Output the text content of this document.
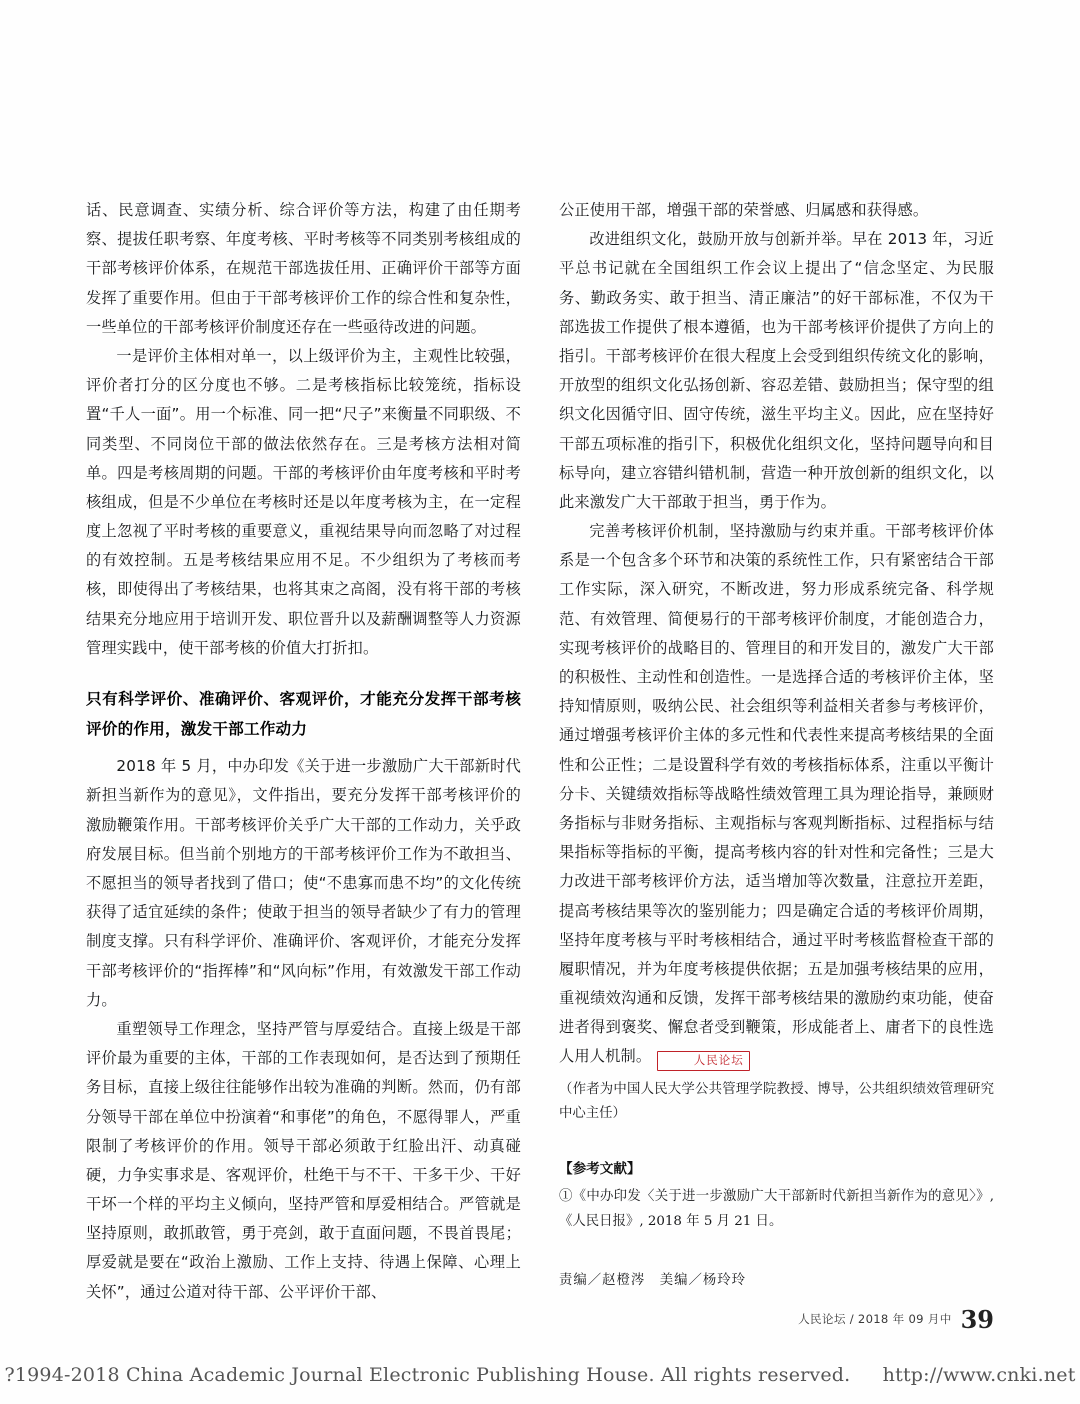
话、民意调查、实绩分析、综合评价等方法，构建了由任期考察、提拔任职考察、年度考核、平时考核等不同类别考核组成的干部考核评价体系，在规范干部选拔任用、正确评价干部等方面发挥了重要作用。但由于干部考核评价工作的综合性和复杂性，一些单位的干部考核评价制度还存在一些亟待改进的问题。

一是评价主体相对单一，以上级评价为主，主观性比较强，评价者打分的区分度也不够。二是考核指标比较笼统，指标设置“千人一面”。用一个标准、同一把“尺子”来衡量不同职级、不同类型、不同岗位干部的做法依然存在。三是考核方法相对简单。四是考核周期的问题。干部的考核评价由年度考核和平时考核组成，但是不少单位在考核时还是以年度考核为主，在一定程度上忽视了平时考核的重要意义，重视结果导向而忽略了对过程的有效控制。五是考核结果应用不足。不少组织为了考核而考核，即使得出了考核结果，也将其束之高阁，没有将干部的考核结果充分地应用于培训开发、职位晋升以及薪酬调整等人力资源管理实践中，使干部考核的价值大打折扣。

只有科学评价、准确评价、客观评价，才能充分发挥干部考核评价的作用，激发干部工作动力

2018 年 5 月，中办印发《关于进一步激励广大干部新时代新担当新作为的意见》，文件指出，要充分发挥干部考核评价的激励鞭策作用。干部考核评价关乎广大干部的工作动力，关乎政府发展目标。但当前个别地方的干部考核评价工作为不敢担当、不愿担当的领导者找到了借口；使“不患寡而患不均”的文化传统获得了适宜延续的条件；使敢于担当的领导者缺少了有力的管理制度支撑。只有科学评价、准确评价、客观评价，才能充分发挥干部考核评价的“指挥棒”和“风向标”作用，有效激发干部工作动力。

重塑领导工作理念，坚持严管与厚爱结合。直接上级是干部评价最为重要的主体，干部的工作表现如何，是否达到了预期任务目标，直接上级往往能够作出较为准确的判断。然而，仍有部分领导干部在单位中扮演着“和事佬”的角色，不愿得罪人，严重限制了考核评价的作用。领导干部必须敢于红脸出汗、动真碰硬，力争实事求是、客观评价，杜绝干与不干、干多干少、干好干坏一个样的平均主义倾向，坚持严管和厚爱相结合。严管就是坚持原则，敢抓敢管，勇于亮剑，敢于直面问题，不畏首畏尾；厚爱就是要在“政治上激励、工作上支持、待遇上保障、心理上关怀”，通过公道对待干部、公平评价干部、

公正使用干部，增强干部的荣誉感、归属感和获得感。

改进组织文化，鼓励开放与创新并举。早在 2013 年，习近平总书记就在全国组织工作会议上提出了“信念坚定、为民服务、勤政务实、敢于担当、清正廉洁”的好干部标准，不仅为干部选拔工作提供了根本遵循，也为干部考核评价提供了方向上的指引。干部考核评价在很大程度上会受到组织传统文化的影响，开放型的组织文化弘扬创新、容忍差错、鼓励担当；保守型的组织文化因循守旧、固守传统，滋生平均主义。因此，应在坚持好干部五项标准的指引下，积极优化组织文化，坚持问题导向和目标导向，建立容错纠错机制，营造一种开放创新的组织文化，以此来激发广大干部敢于担当，勇于作为。

完善考核评价机制，坚持激励与约束并重。干部考核评价体系是一个包含多个环节和决策的系统性工作，只有紧密结合干部工作实际，深入研究，不断改进，努力形成系统完备、科学规范、有效管理、简便易行的干部考核评价制度，才能创造合力，实现考核评价的战略目的、管理目的和开发目的，激发广大干部的积极性、主动性和创造性。一是选择合适的考核评价主体，坚持知情原则，吸纳公民、社会组织等利益相关者参与考核评价，通过增强考核评价主体的多元性和代表性来提高考核结果的全面性和公正性；二是设置科学有效的考核指标体系，注重以平衡计分卡、关键绩效指标等战略性绩效管理工具为理论指导，兼顾财务指标与非财务指标、主观指标与客观判断指标、过程指标与结果指标等指标的平衡，提高考核内容的针对性和完备性；三是大力改进干部考核评价方法，适当增加等次数量，注意拉开差距，提高考核结果等次的鉴别能力；四是确定合适的考核评价周期，坚持年度考核与平时考核相结合，通过平时考核监督检查干部的履职情况，并为年度考核提供依据；五是加强考核结果的应用，重视绩效沟通和反馈，发挥干部考核结果的激励约束功能，使奋进者得到褒奖、懈怠者受到鞭策，形成能者上、庸者下的良性选人用人机制。	人民论坛

（作者为中国人民大学公共管理学院教授、博导，公共组织绩效管理研究中心主任）
【参考文献】
①《中办印发〈关于进一步激励广大干部新时代新担当新作为的意见〉》,《人民日报》, 2018 年 5 月 21 日。
责编／赵橙涔　美编／杨玲玲
人民论坛 / 2018 年 09 月中 39
?1994-2018 China Academic Journal Electronic Publishing House. All rights reserved. http://www.cnki.net
